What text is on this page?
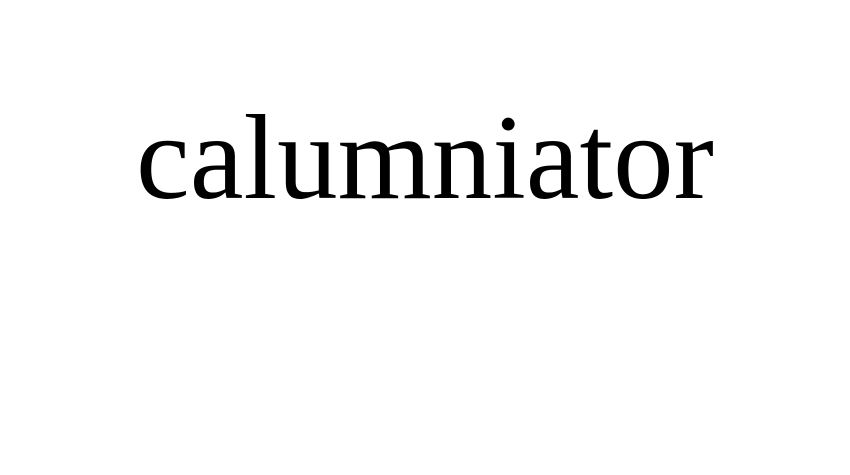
calumniator
